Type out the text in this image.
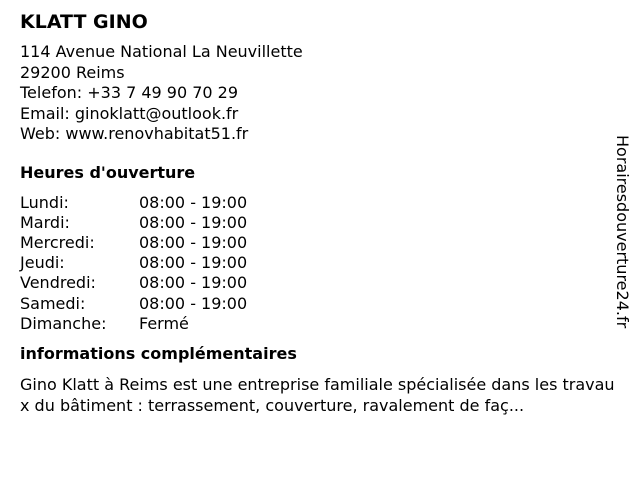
KLATT GINO
114 Avenue National La Neuvillette
29200 Reims
Telefon: +33 7 49 90 70 29
Email: ginoklatt@outlook.fr
Web: www.renovhabitat51.fr
Heures d'ouverture
Lundi:	08:00 - 19:00
Mardi:	08:00 - 19:00
Mercredi:	08:00 - 19:00
Jeudi:	08:00 - 19:00
Vendredi:	08:00 - 19:00
Samedi:	08:00 - 19:00
Dimanche:	Fermé
informations complémentaires
Gino Klatt à Reims est une entreprise familiale spécialisée dans les travaux du bâtiment : terrassement, couverture, ravalement de faç...
Horairesdouverture24.fr
